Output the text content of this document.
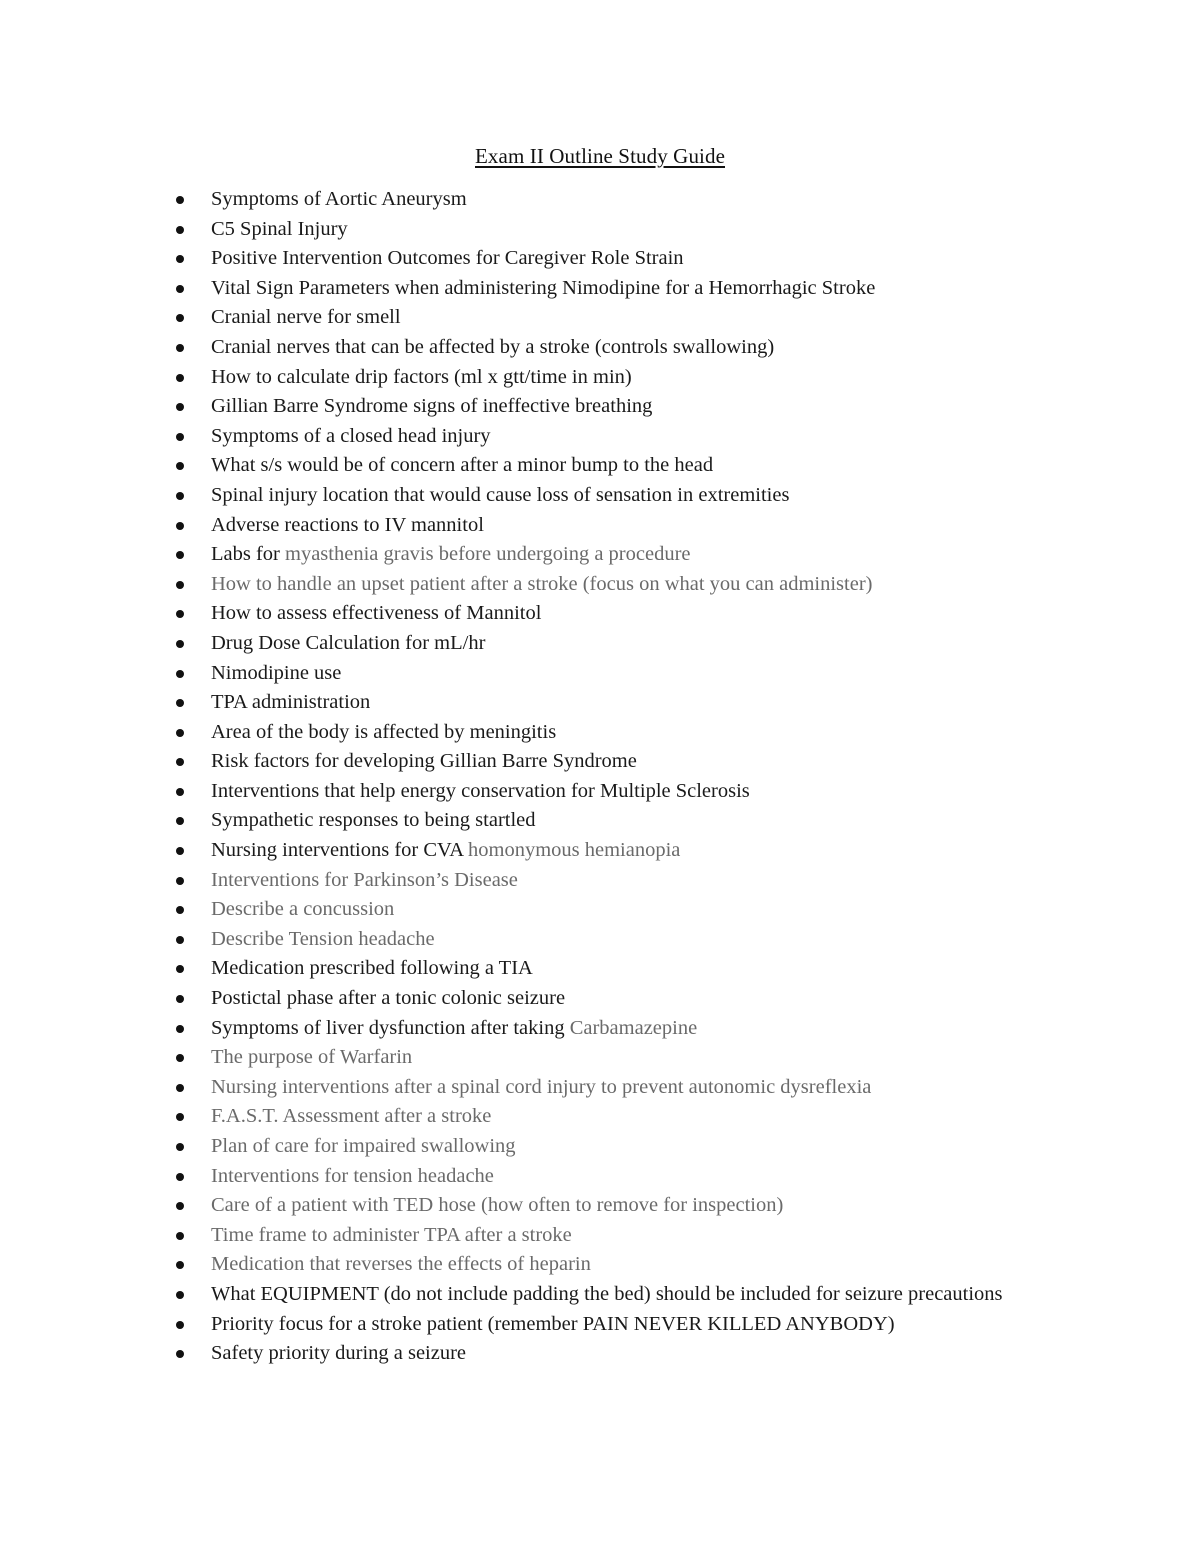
Exam II Outline Study Guide
Symptoms of Aortic Aneurysm
C5 Spinal Injury
Positive Intervention Outcomes for Caregiver Role Strain
Vital Sign Parameters when administering Nimodipine for a Hemorrhagic Stroke
Cranial nerve for smell
Cranial nerves that can be affected by a stroke (controls swallowing)
How to calculate drip factors (ml x gtt/time in min)
Gillian Barre Syndrome signs of ineffective breathing
Symptoms of a closed head injury
What s/s would be of concern after a minor bump to the head
Spinal injury location that would cause loss of sensation in extremities
Adverse reactions to IV mannitol
Labs for myasthenia gravis before undergoing a procedure
How to handle an upset patient after a stroke (focus on what you can administer)
How to assess effectiveness of Mannitol
Drug Dose Calculation for mL/hr
Nimodipine use
TPA administration
Area of the body is affected by meningitis
Risk factors for developing Gillian Barre Syndrome
Interventions that help energy conservation for Multiple Sclerosis
Sympathetic responses to being startled
Nursing interventions for CVA homonymous hemianopia
Interventions for Parkinson’s Disease
Describe a concussion
Describe Tension headache
Medication prescribed following a TIA
Postictal phase after a tonic colonic seizure
Symptoms of liver dysfunction after taking Carbamazepine
The purpose of Warfarin
Nursing interventions after a spinal cord injury to prevent autonomic dysreflexia
F.A.S.T. Assessment after a stroke
Plan of care for impaired swallowing
Interventions for tension headache
Care of a patient with TED hose (how often to remove for inspection)
Time frame to administer TPA after a stroke
Medication that reverses the effects of heparin
What EQUIPMENT (do not include padding the bed) should be included for seizure precautions
Priority focus for a stroke patient (remember PAIN NEVER KILLED ANYBODY)
Safety priority during a seizure
